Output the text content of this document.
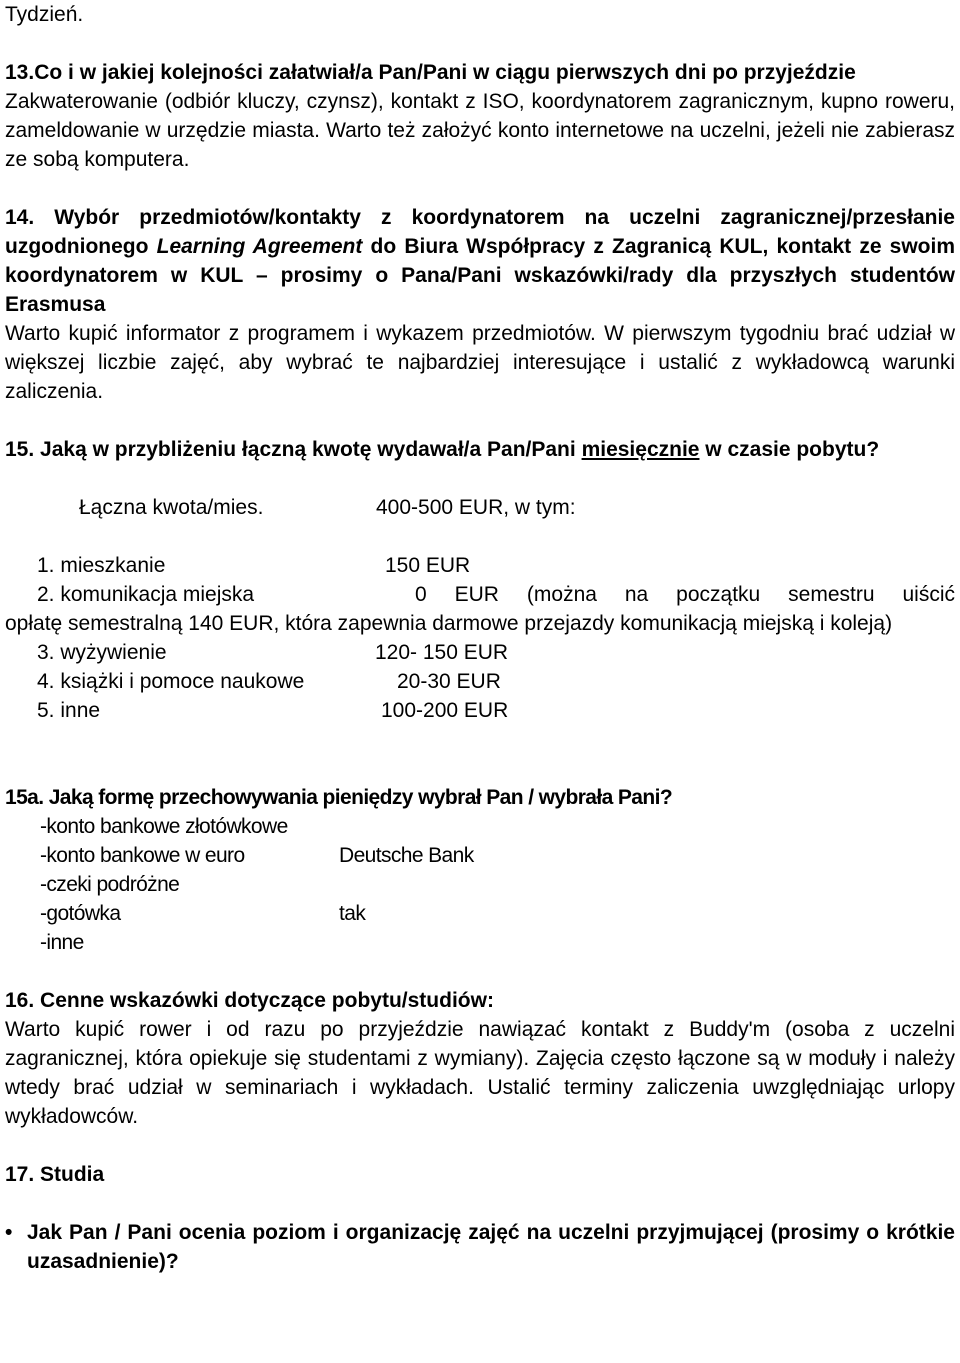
Tydzień.

13.Co i w jakiej kolejności załatwiał/a Pan/Pani w ciągu pierwszych dni po przyjeździe

Zakwaterowanie (odbiór kluczy, czynsz), kontakt z ISO, koordynatorem zagranicznym, kupno roweru, zameldowanie w urzędzie miasta. Warto też założyć konto internetowe na uczelni, jeżeli nie zabierasz ze sobą komputera.

14. Wybór przedmiotów/kontakty z koordynatorem na uczelni zagranicznej/przesłanie uzgodnionego Learning Agreement do Biura Współpracy z Zagranicą KUL, kontakt ze swoim koordynatorem w KUL – prosimy o Pana/Pani wskazówki/rady dla przyszłych studentów Erasmusa

Warto kupić informator z programem i wykazem przedmiotów. W pierwszym tygodniu brać udział w większej liczbie zajęć, aby wybrać te najbardziej interesujące i ustalić z wykładowcą warunki zaliczenia.

15. Jaką w przybliżeniu łączną kwotę wydawał/a Pan/Pani miesięcznie w czasie pobytu?

Łączna kwota/mies.	400-500 EUR, w tym:
1. mieszkanie	150 EUR
2. komunikacja miejska	0 EUR (można na początku semestru uiścić

opłatę semestralną 140 EUR, która zapewnia darmowe przejazdy komunikacją miejską i koleją)

3. wyżywienie	120- 150 EUR
4. książki i pomoce naukowe	20-30 EUR
5. inne	100-200 EUR

15a. Jaką formę przechowywania pieniędzy wybrał Pan / wybrała Pani?

-konto bankowe złotówkowe
-konto bankowe w euro	Deutsche Bank
-czeki podróżne
-gotówka	tak
-inne

16. Cenne wskazówki dotyczące pobytu/studiów:

Warto kupić rower i od razu po przyjeździe nawiązać kontakt z Buddy'm (osoba z uczelni zagranicznej, która opiekuje się studentami z wymiany). Zajęcia często łączone są w moduły i należy wtedy brać udział w seminariach i wykładach. Ustalić terminy zaliczenia uwzględniając urlopy wykładowców.

17. Studia

• Jak Pan / Pani ocenia poziom i organizację zajęć na uczelni przyjmującej (prosimy o krótkie uzasadnienie)?
